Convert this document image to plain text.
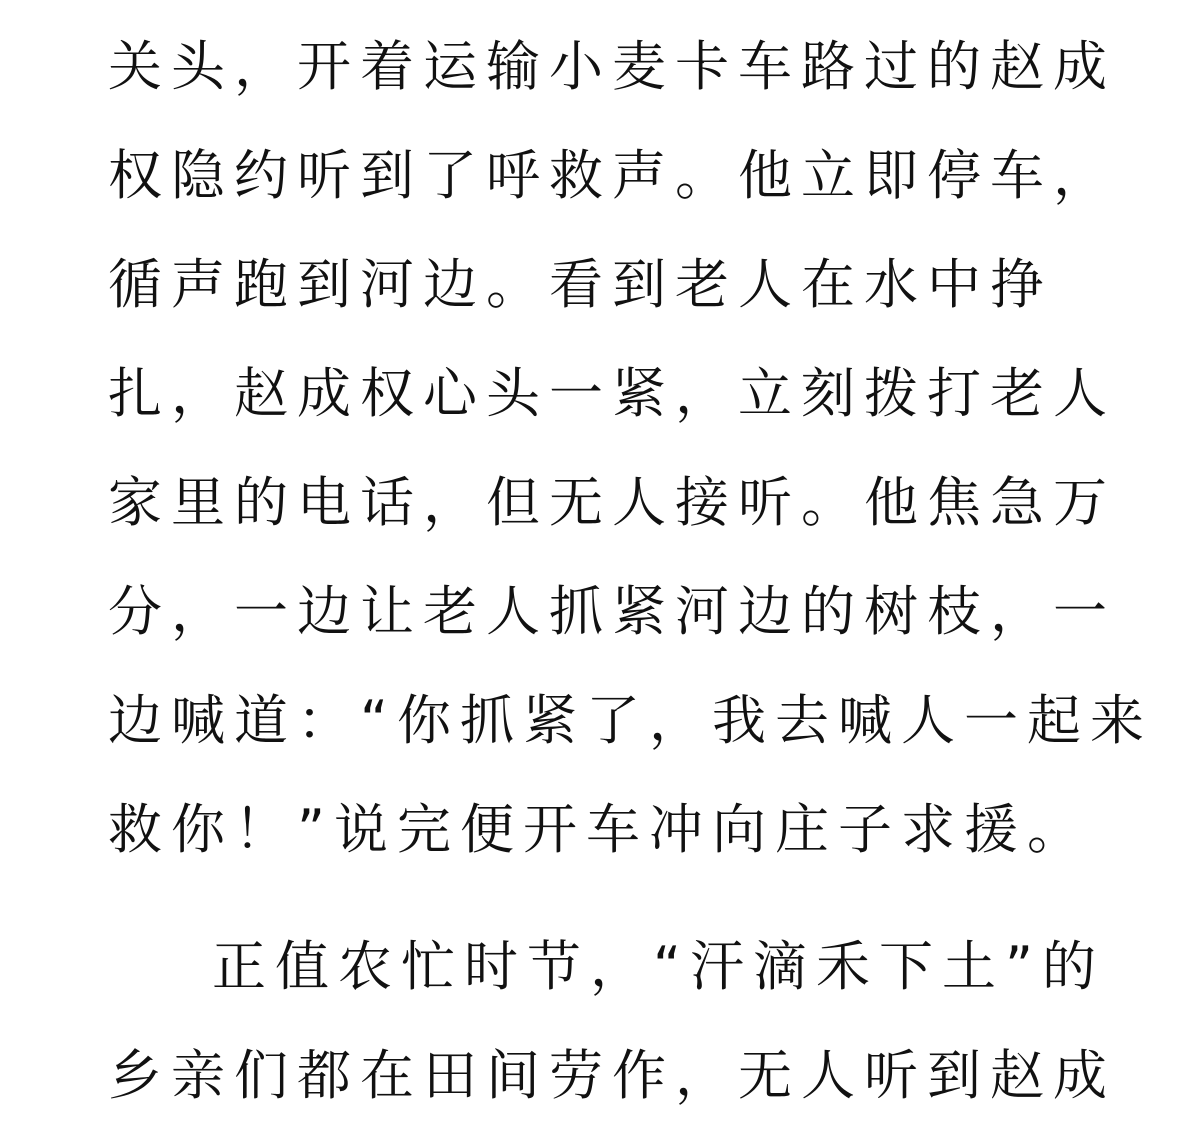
关头，开着运输小麦卡车路过的赵成
权隐约听到了呼救声。他立即停车，
循声跑到河边。看到老人在水中挣
扎，赵成权心头一紧，立刻拨打老人
家里的电话，但无人接听。他焦急万
分，一边让老人抓紧河边的树枝，一
边喊道：“你抓紧了，我去喊人一起来
救你！”说完便开车冲向庄子求援。
正值农忙时节，“汗滴禾下土”的
乡亲们都在田间劳作，无人听到赵成
